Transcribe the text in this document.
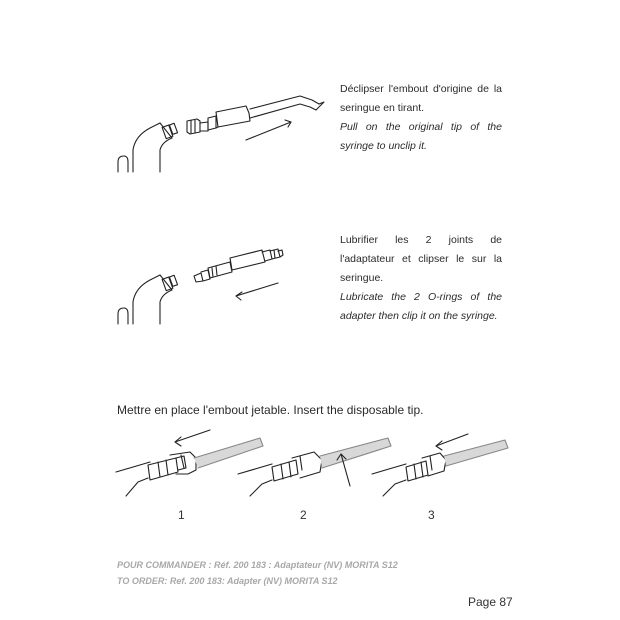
Déclipser l'embout d'origine de la seringue en tirant.
Pull on the original tip of the syringe to unclip it.
Lubrifier les 2 joints de l'adaptateur et clipser le sur la seringue.
Lubricate the 2 O-rings of the adapter then clip it on the syringe.
Mettre en place l'embout jetable. Insert the disposable tip.
1	2	3
POUR COMMANDER : Réf. 200 183 : Adaptateur (NV) MORITA S12
TO ORDER: Ref. 200 183: Adapter (NV) MORITA S12
Page 87
